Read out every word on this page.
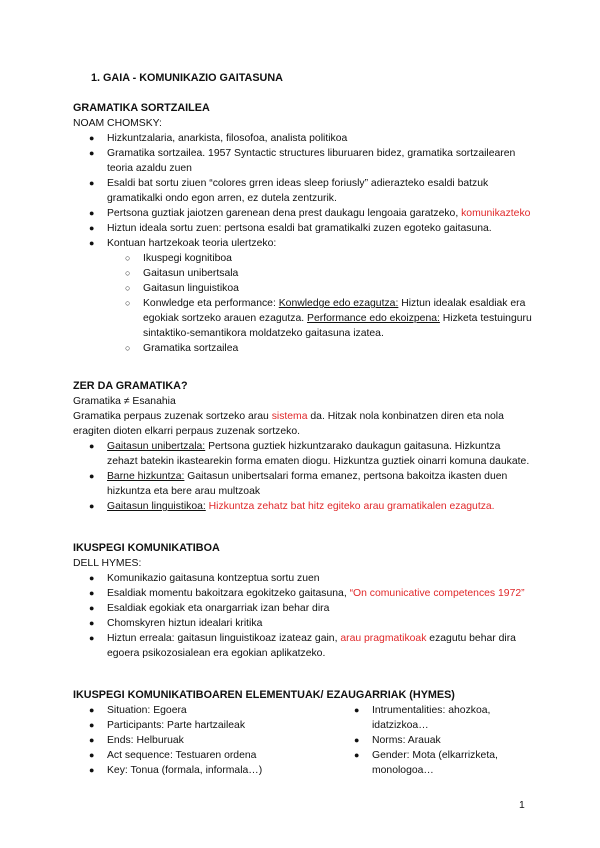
1. GAIA - KOMUNIKAZIO GAITASUNA
GRAMATIKA SORTZAILEA
NOAM CHOMSKY:
● Hizkuntzalaria, anarkista, filosofoa, analista politikoa
● Gramatika sortzailea. 1957 Syntactic structures liburuaren bidez, gramatika sortzailearen teoria azaldu zuen
● Esaldi bat sortu ziuen “colores grren ideas sleep foriusly” adierazteko esaldi batzuk gramatikalki ondo egon arren, ez dutela zentzurik.
● Pertsona guztiak jaiotzen garenean dena prest daukagu lengoaia garatzeko, komunikazteko
● Hiztun ideala sortu zuen: pertsona esaldi bat gramatikalki zuzen egoteko gaitasuna.
● Kontuan hartzekoak teoria ulertzeko:
○ Ikuspegi kognitiboa
○ Gaitasun unibertsala
○ Gaitasun linguistikoa
○ Konwledge eta performance: Konwledge edo ezagutza: Hiztun idealak esaldiak era egokiak sortzeko arauen ezagutza. Performance edo ekoizpena: Hizketa testuinguru sintaktiko-semantikora moldatzeko gaitasuna izatea.
○ Gramatika sortzailea
ZER DA GRAMATIKA?
Gramatika ≠ Esanahia
Gramatika perpaus zuzenak sortzeko arau sistema da. Hitzak nola konbinatzen diren eta nola eragiten dioten elkarri perpaus zuzenak sortzeko.
● Gaitasun unibertzala: Pertsona guztiek hizkuntzarako daukagun gaitasuna. Hizkuntza zehazt batekin ikastearekin forma ematen diogu. Hizkuntza guztiek oinarri komuna daukate.
● Barne hizkuntza: Gaitasun unibertsalari forma emanez, pertsona bakoitza ikasten duen hizkuntza eta bere arau multzoak
● Gaitasun linguistikoa: Hizkuntza zehatz bat hitz egiteko arau gramatikalen ezagutza.
IKUSPEGI KOMUNIKATIBOA
DELL HYMES:
● Komunikazio gaitasuna kontzeptua sortu zuen
● Esaldiak momentu bakoitzara egokitzeko gaitasuna, “On comunicative competences 1972”
● Esaldiak egokiak eta onargarriak izan behar dira
● Chomskyren hiztun idealari kritika
● Hiztun erreala: gaitasun linguistikoaz izateaz gain, arau pragmatikoak ezagutu behar dira egoera psikozosialean era egokian aplikatzeko.
IKUSPEGI KOMUNIKATIBOAREN ELEMENTUAK/ EZAUGARRIAK (HYMES)
● Situation: Egoera
● Participants: Parte hartzaileak
● Ends: Helburuak
● Act sequence: Testuaren ordena
● Key: Tonua (formala, informala…)
● Intrumentalities: ahozkoa, idatzizkoa…
● Norms: Arauak
● Gender: Mota (elkarrizketa, monologoa…
1
